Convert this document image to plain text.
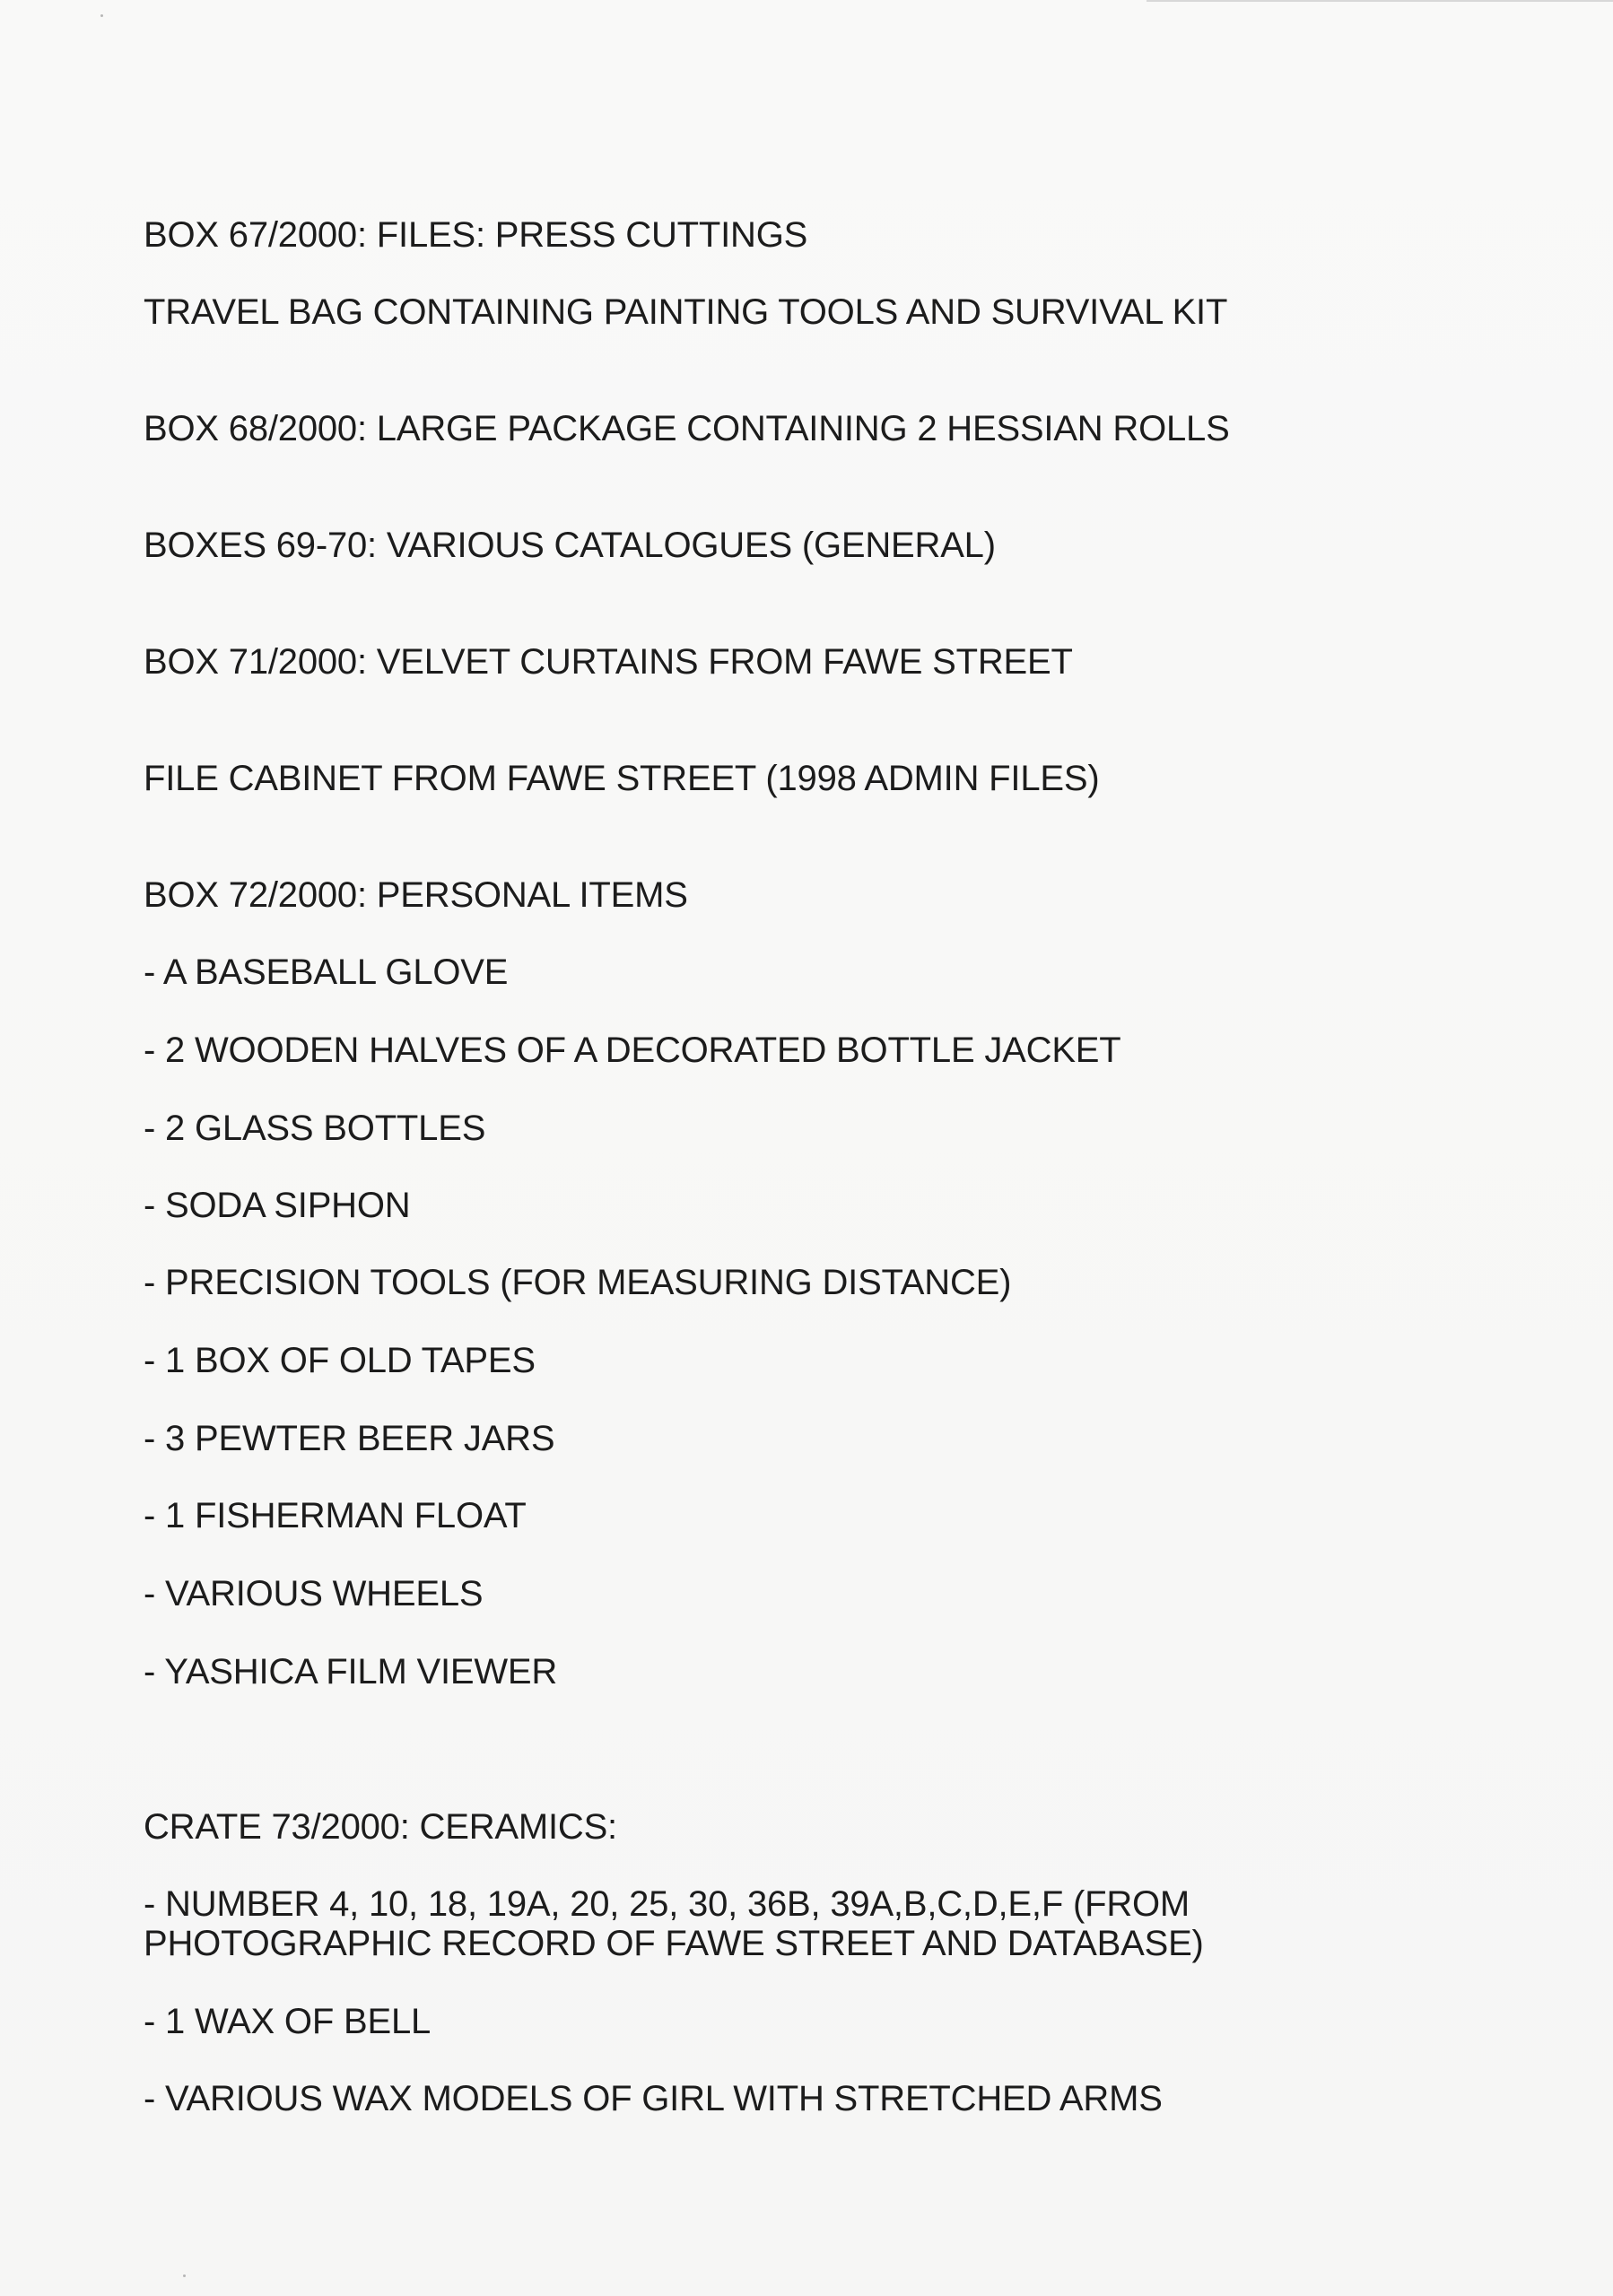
BOX 67/2000: FILES: PRESS CUTTINGS
TRAVEL BAG CONTAINING PAINTING TOOLS AND SURVIVAL KIT
BOX 68/2000: LARGE PACKAGE CONTAINING 2 HESSIAN ROLLS
BOXES 69-70: VARIOUS CATALOGUES (GENERAL)
BOX 71/2000: VELVET CURTAINS FROM FAWE STREET
FILE CABINET FROM FAWE STREET (1998 ADMIN FILES)
BOX 72/2000: PERSONAL ITEMS
- A BASEBALL GLOVE
- 2 WOODEN HALVES OF A DECORATED BOTTLE JACKET
- 2 GLASS BOTTLES
- SODA SIPHON
- PRECISION TOOLS (FOR MEASURING DISTANCE)
- 1 BOX OF OLD TAPES
- 3 PEWTER BEER JARS
- 1 FISHERMAN FLOAT
- VARIOUS WHEELS
- YASHICA FILM VIEWER
CRATE 73/2000: CERAMICS:
- NUMBER 4, 10, 18, 19A, 20, 25, 30, 36B, 39A,B,C,D,E,F (FROM PHOTOGRAPHIC RECORD OF FAWE STREET AND DATABASE)
- 1 WAX OF BELL
- VARIOUS WAX MODELS OF GIRL WITH STRETCHED ARMS
